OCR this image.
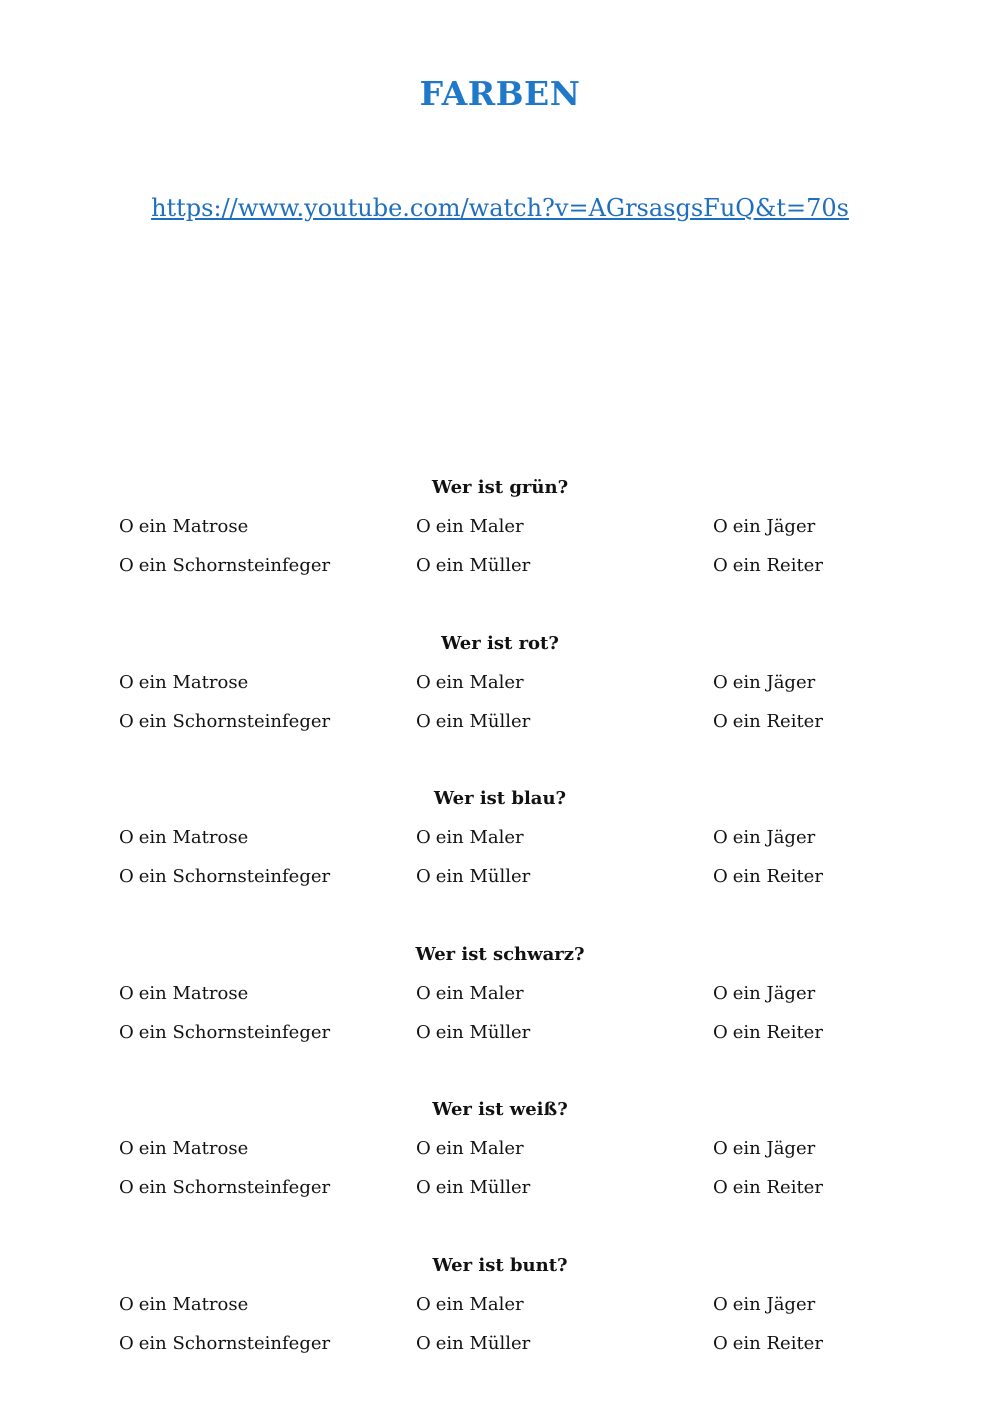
FARBEN
https://www.youtube.com/watch?v=AGrsasgsFuQ&t=70s
Wer ist grün?
O ein Matrose	O ein Maler	O ein Jäger
O ein Schornsteinfeger	O ein Müller	O ein Reiter
Wer ist rot?
O ein Matrose	O ein Maler	O ein Jäger
O ein Schornsteinfeger	O ein Müller	O ein Reiter
Wer ist blau?
O ein Matrose	O ein Maler	O ein Jäger
O ein Schornsteinfeger	O ein Müller	O ein Reiter
Wer ist schwarz?
O ein Matrose	O ein Maler	O ein Jäger
O ein Schornsteinfeger	O ein Müller	O ein Reiter
Wer ist weiß?
O ein Matrose	O ein Maler	O ein Jäger
O ein Schornsteinfeger	O ein Müller	O ein Reiter
Wer ist bunt?
O ein Matrose	O ein Maler	O ein Jäger
O ein Schornsteinfeger	O ein Müller	O ein Reiter
